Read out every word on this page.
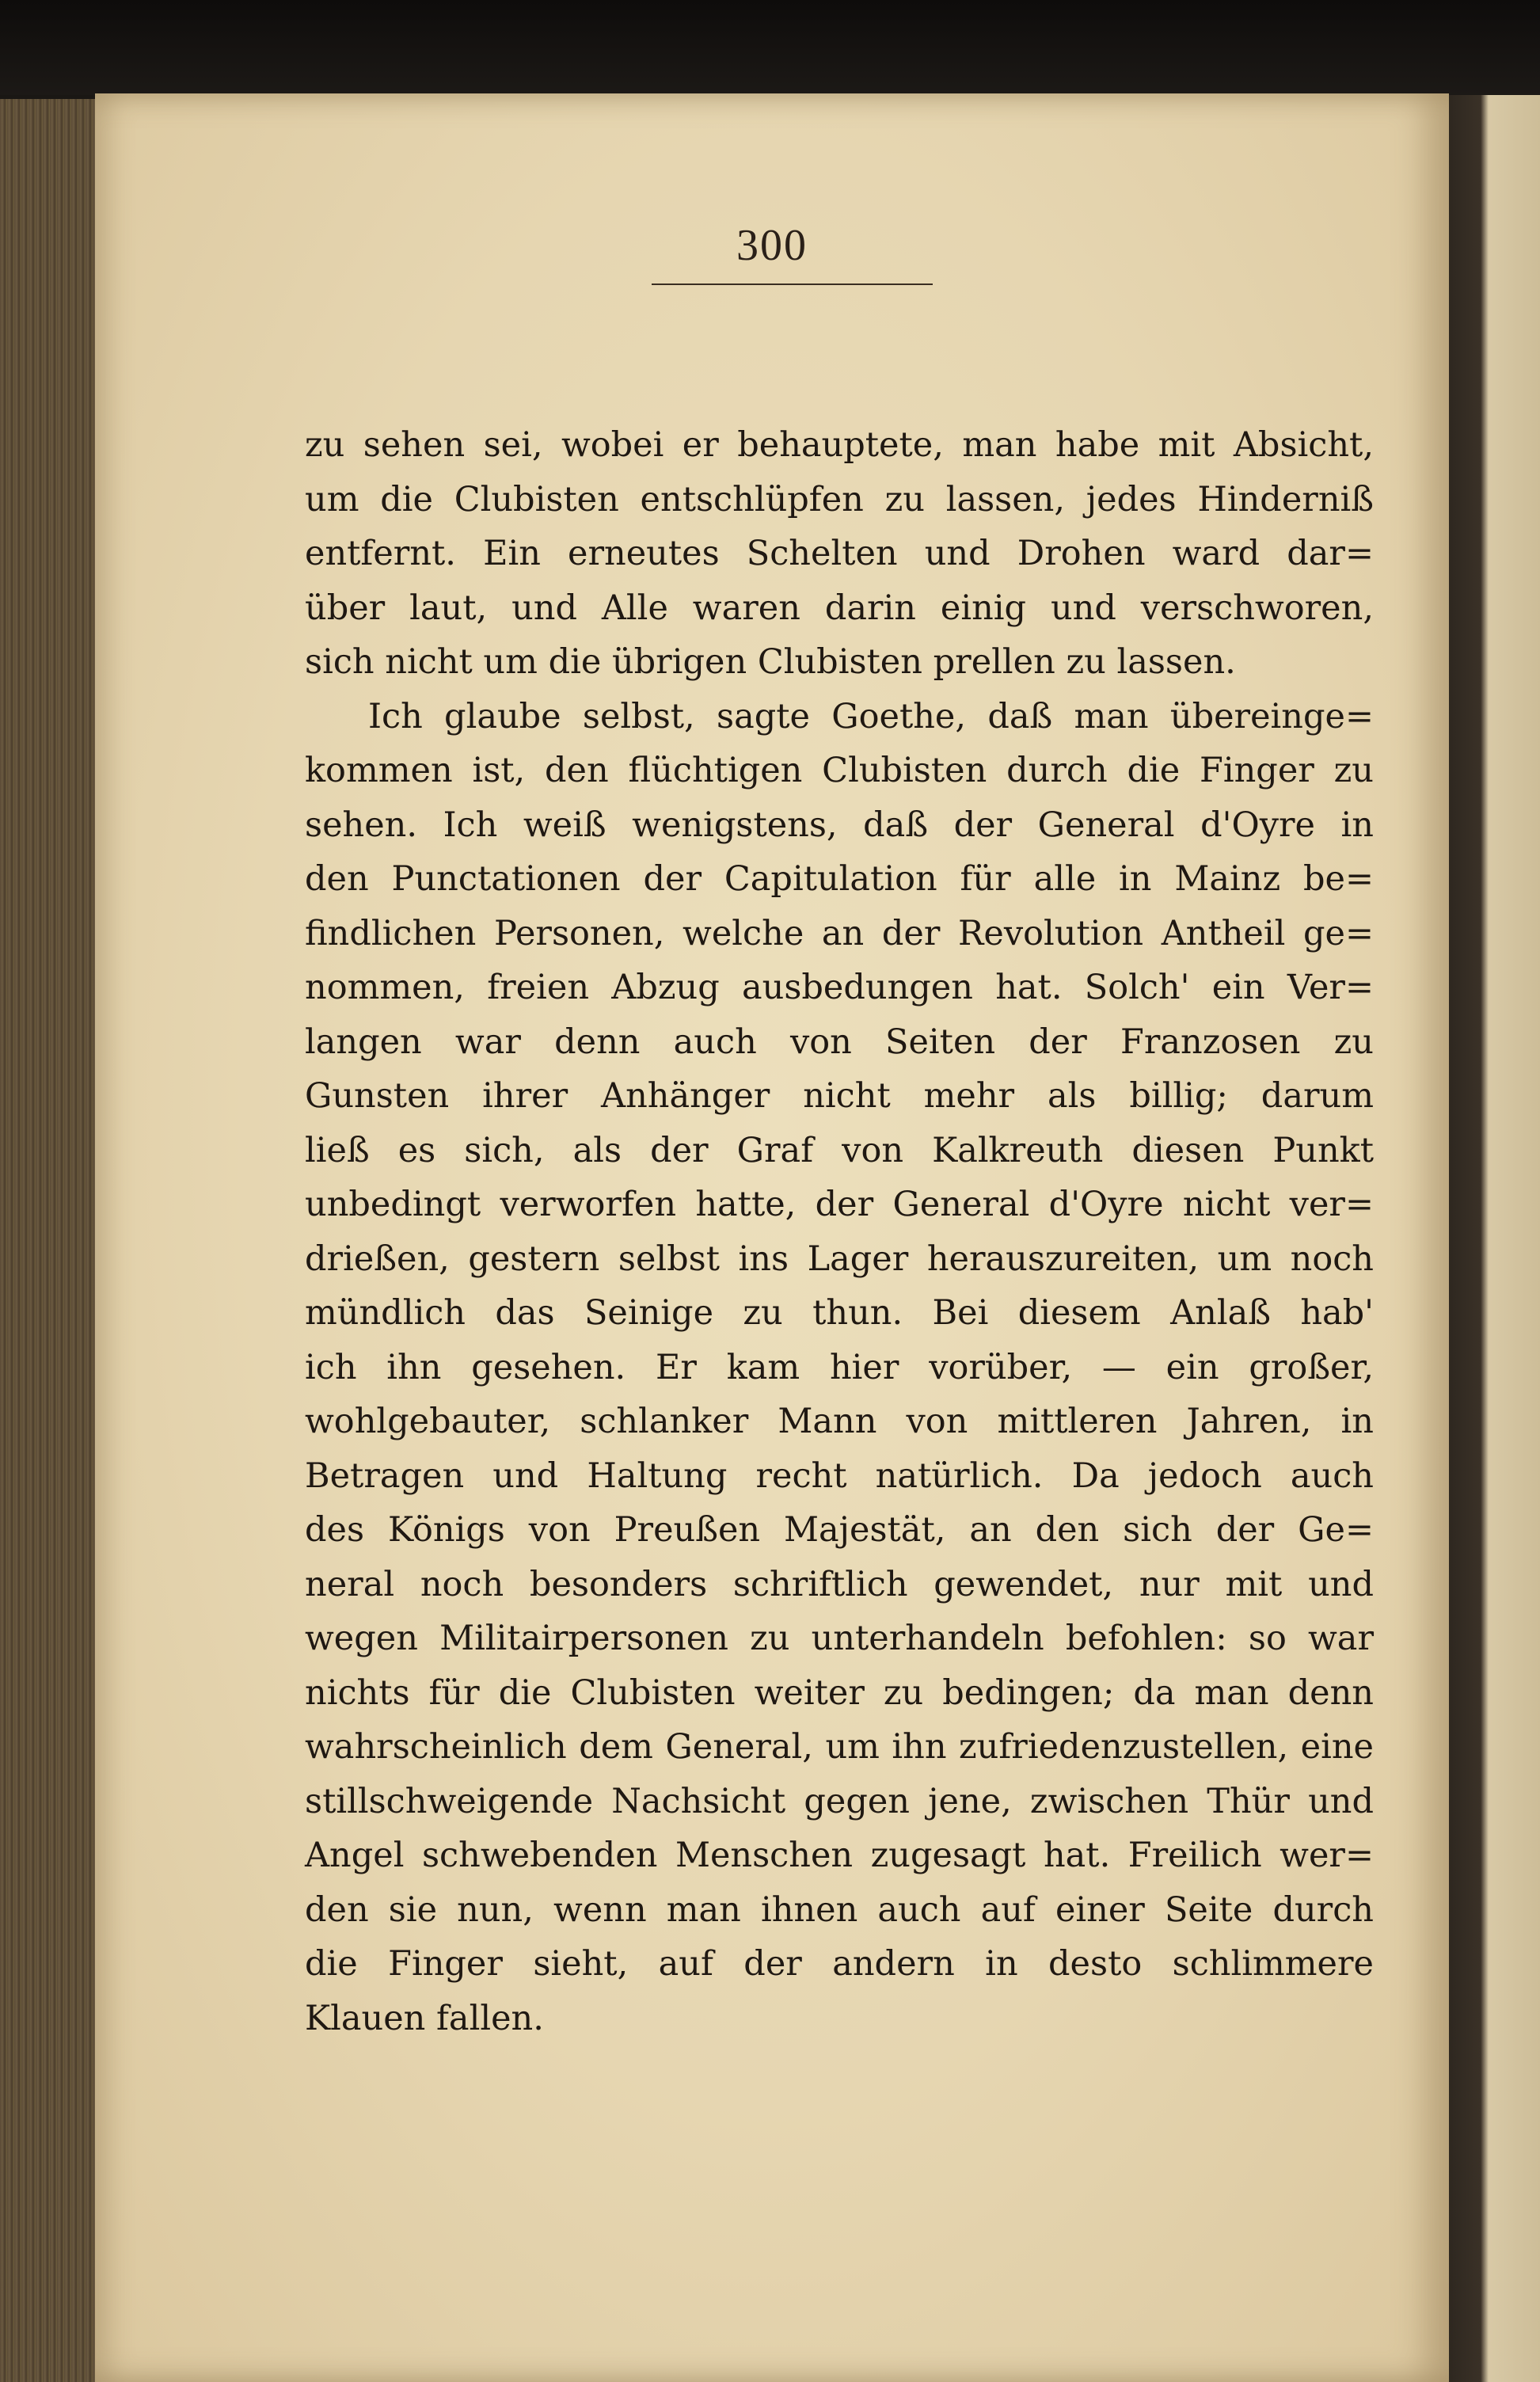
300
zu sehen sei, wobei er behauptete, man habe mit Absicht,
um die Clubisten entschlüpfen zu lassen, jedes Hinderniß
entfernt. Ein erneutes Schelten und Drohen ward dar=
über laut, und Alle waren darin einig und verschworen,
sich nicht um die übrigen Clubisten prellen zu lassen.
Ich glaube selbst, sagte Goethe, daß man übereinge=
kommen ist, den flüchtigen Clubisten durch die Finger zu
sehen. Ich weiß wenigstens, daß der General d'Oyre in
den Punctationen der Capitulation für alle in Mainz be=
findlichen Personen, welche an der Revolution Antheil ge=
nommen, freien Abzug ausbedungen hat. Solch' ein Ver=
langen war denn auch von Seiten der Franzosen zu
Gunsten ihrer Anhänger nicht mehr als billig; darum
ließ es sich, als der Graf von Kalkreuth diesen Punkt
unbedingt verworfen hatte, der General d'Oyre nicht ver=
drießen, gestern selbst ins Lager herauszureiten, um noch
mündlich das Seinige zu thun. Bei diesem Anlaß hab'
ich ihn gesehen. Er kam hier vorüber, — ein großer,
wohlgebauter, schlanker Mann von mittleren Jahren, in
Betragen und Haltung recht natürlich. Da jedoch auch
des Königs von Preußen Majestät, an den sich der Ge=
neral noch besonders schriftlich gewendet, nur mit und
wegen Militairpersonen zu unterhandeln befohlen: so war
nichts für die Clubisten weiter zu bedingen; da man denn
wahrscheinlich dem General, um ihn zufriedenzustellen, eine
stillschweigende Nachsicht gegen jene, zwischen Thür und
Angel schwebenden Menschen zugesagt hat. Freilich wer=
den sie nun, wenn man ihnen auch auf einer Seite durch
die Finger sieht, auf der andern in desto schlimmere
Klauen fallen.
